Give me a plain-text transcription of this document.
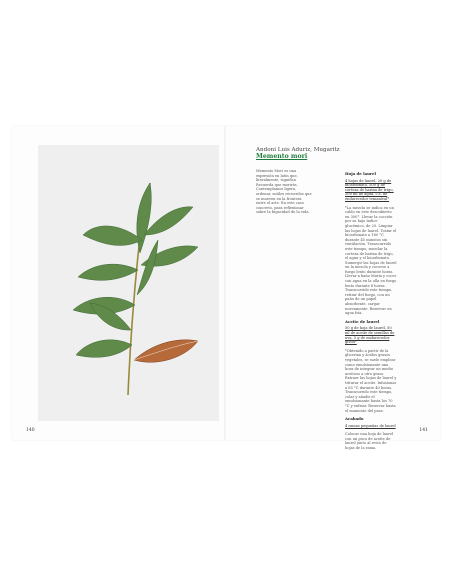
140
Andoni Luis Aduriz, Mugaritz
Memento mori

Memento Mori es una expresión en latín que, literalmente, significa Recuerda que morirás. Contemplamos ligera, ordenar, sutiles recuerdos que se mueven en la frontera entre el arte. En este caso concreto, para reflexionar sobre la fugacidad de la vida.

Hoja de laurel

4 hojas de laurel, 20 g de bicarbonato, 500 g de corteza de harina de trigo, 200 ml de agua, c.s. de endurecedor temaníval*

*La mezcla se indica en un caldo en este descubierto en 300°. Llevar la cocción por su bajo índice glucémico, de 20. Limpiar las hojas de laurel. Tostar el bicarbonato a 160 °C durante 45 minutos sin ventilación. Transcurrido este tiempo, mezclar la corteza de harina de trigo, el agua y el bicarbonato. Sumergir las hojas de laurel en la mezcla y cocerse a fuego lento durante horas. Llevar a baño María y cocer con agua en la olla en fuego lento durante 8 horas. Transcurrido este tiempo, retirar del fuego, con un paño de un papel absorbente, cargar nuevamente. Reservar en agua fría.

Aceite de laurel

50 g de hoja de laurel, 50 ml de aceite de semillas de uva, 5 g de endurecedor glicol*

*Obtenido a partir de la glicerina y ácidos grasos vegetales, se suele emplear como emulsionante una hora de integrar un medio aceitoso a otro graso. Extraer las hojas de laurel y triturar el aceite. Infusionar a 65 °C durante 40 horas. Transcurrido este tiempo, colar y añadir el emulsionante hasta los 70 °C y enfriar. Reservar hasta el momento del pase.

Acabado

4 ramas pequeñas de laurel

Colocar una hoja de laurel con un poco de aceite de laurel junto al resto de hojas de la rama.

141
